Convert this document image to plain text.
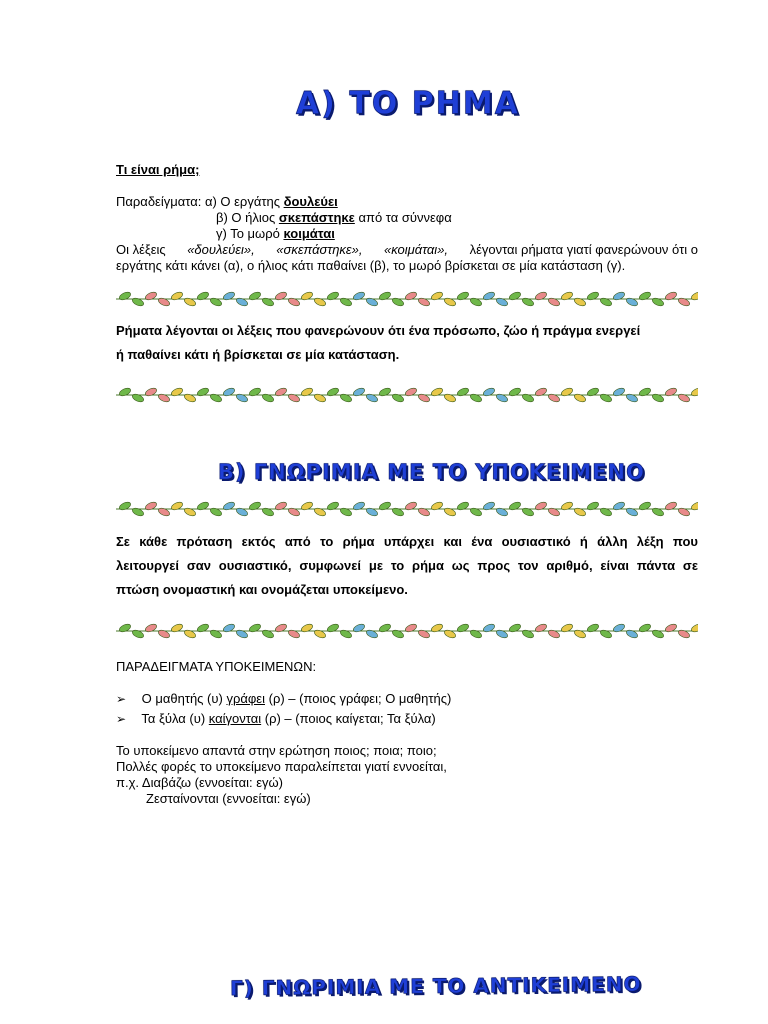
Α) ΤΟ ΡΗΜΑ
Τι είναι ρήμα;
Παραδείγματα: α) Ο εργάτης δουλεύει
β) Ο ήλιος σκεπάστηκε από τα σύννεφα
γ) Το μωρό κοιμάται
Οι λέξεις «δουλεύει», «σκεπάστηκε», «κοιμάται», λέγονται ρήματα γιατί φανερώνουν ότι ο
εργάτης κάτι κάνει (α), ο ήλιος κάτι παθαίνει (β), το μωρό βρίσκεται σε μία κατάσταση (γ).
Ρήματα λέγονται οι λέξεις που φανερώνουν ότι ένα πρόσωπο, ζώο ή πράγμα ενεργεί
ή παθαίνει κάτι ή βρίσκεται σε μία κατάσταση.
Β) ΓΝΩΡΙΜΙΑ ΜΕ ΤΟ ΥΠΟΚΕΙΜΕΝΟ
Σε κάθε πρόταση εκτός από το ρήμα υπάρχει και ένα ουσιαστικό ή άλλη λέξη που
λειτουργεί σαν ουσιαστικό, συμφωνεί με το ρήμα ως προς τον αριθμό, είναι πάντα σε
πτώση ονομαστική και ονομάζεται υποκείμενο.
ΠΑΡΑΔΕΙΓΜΑΤΑ ΥΠΟΚΕΙΜΕΝΩΝ:
➢ Ο μαθητής (υ) γράφει (ρ) – (ποιος γράφει; Ο μαθητής)
➢ Τα ξύλα (υ) καίγονται (ρ) – (ποιος καίγεται; Τα ξύλα)
Το υποκείμενο απαντά στην ερώτηση ποιος; ποια; ποιο;
Πολλές φορές το υποκείμενο παραλείπεται γιατί εννοείται,
π.χ. Διαβάζω (εννοείται: εγώ)
Ζεσταίνονται (εννοείται: εγώ)
Γ) ΓΝΩΡΙΜΙΑ ΜΕ ΤΟ ΑΝΤΙΚΕΙΜΕΝΟ
